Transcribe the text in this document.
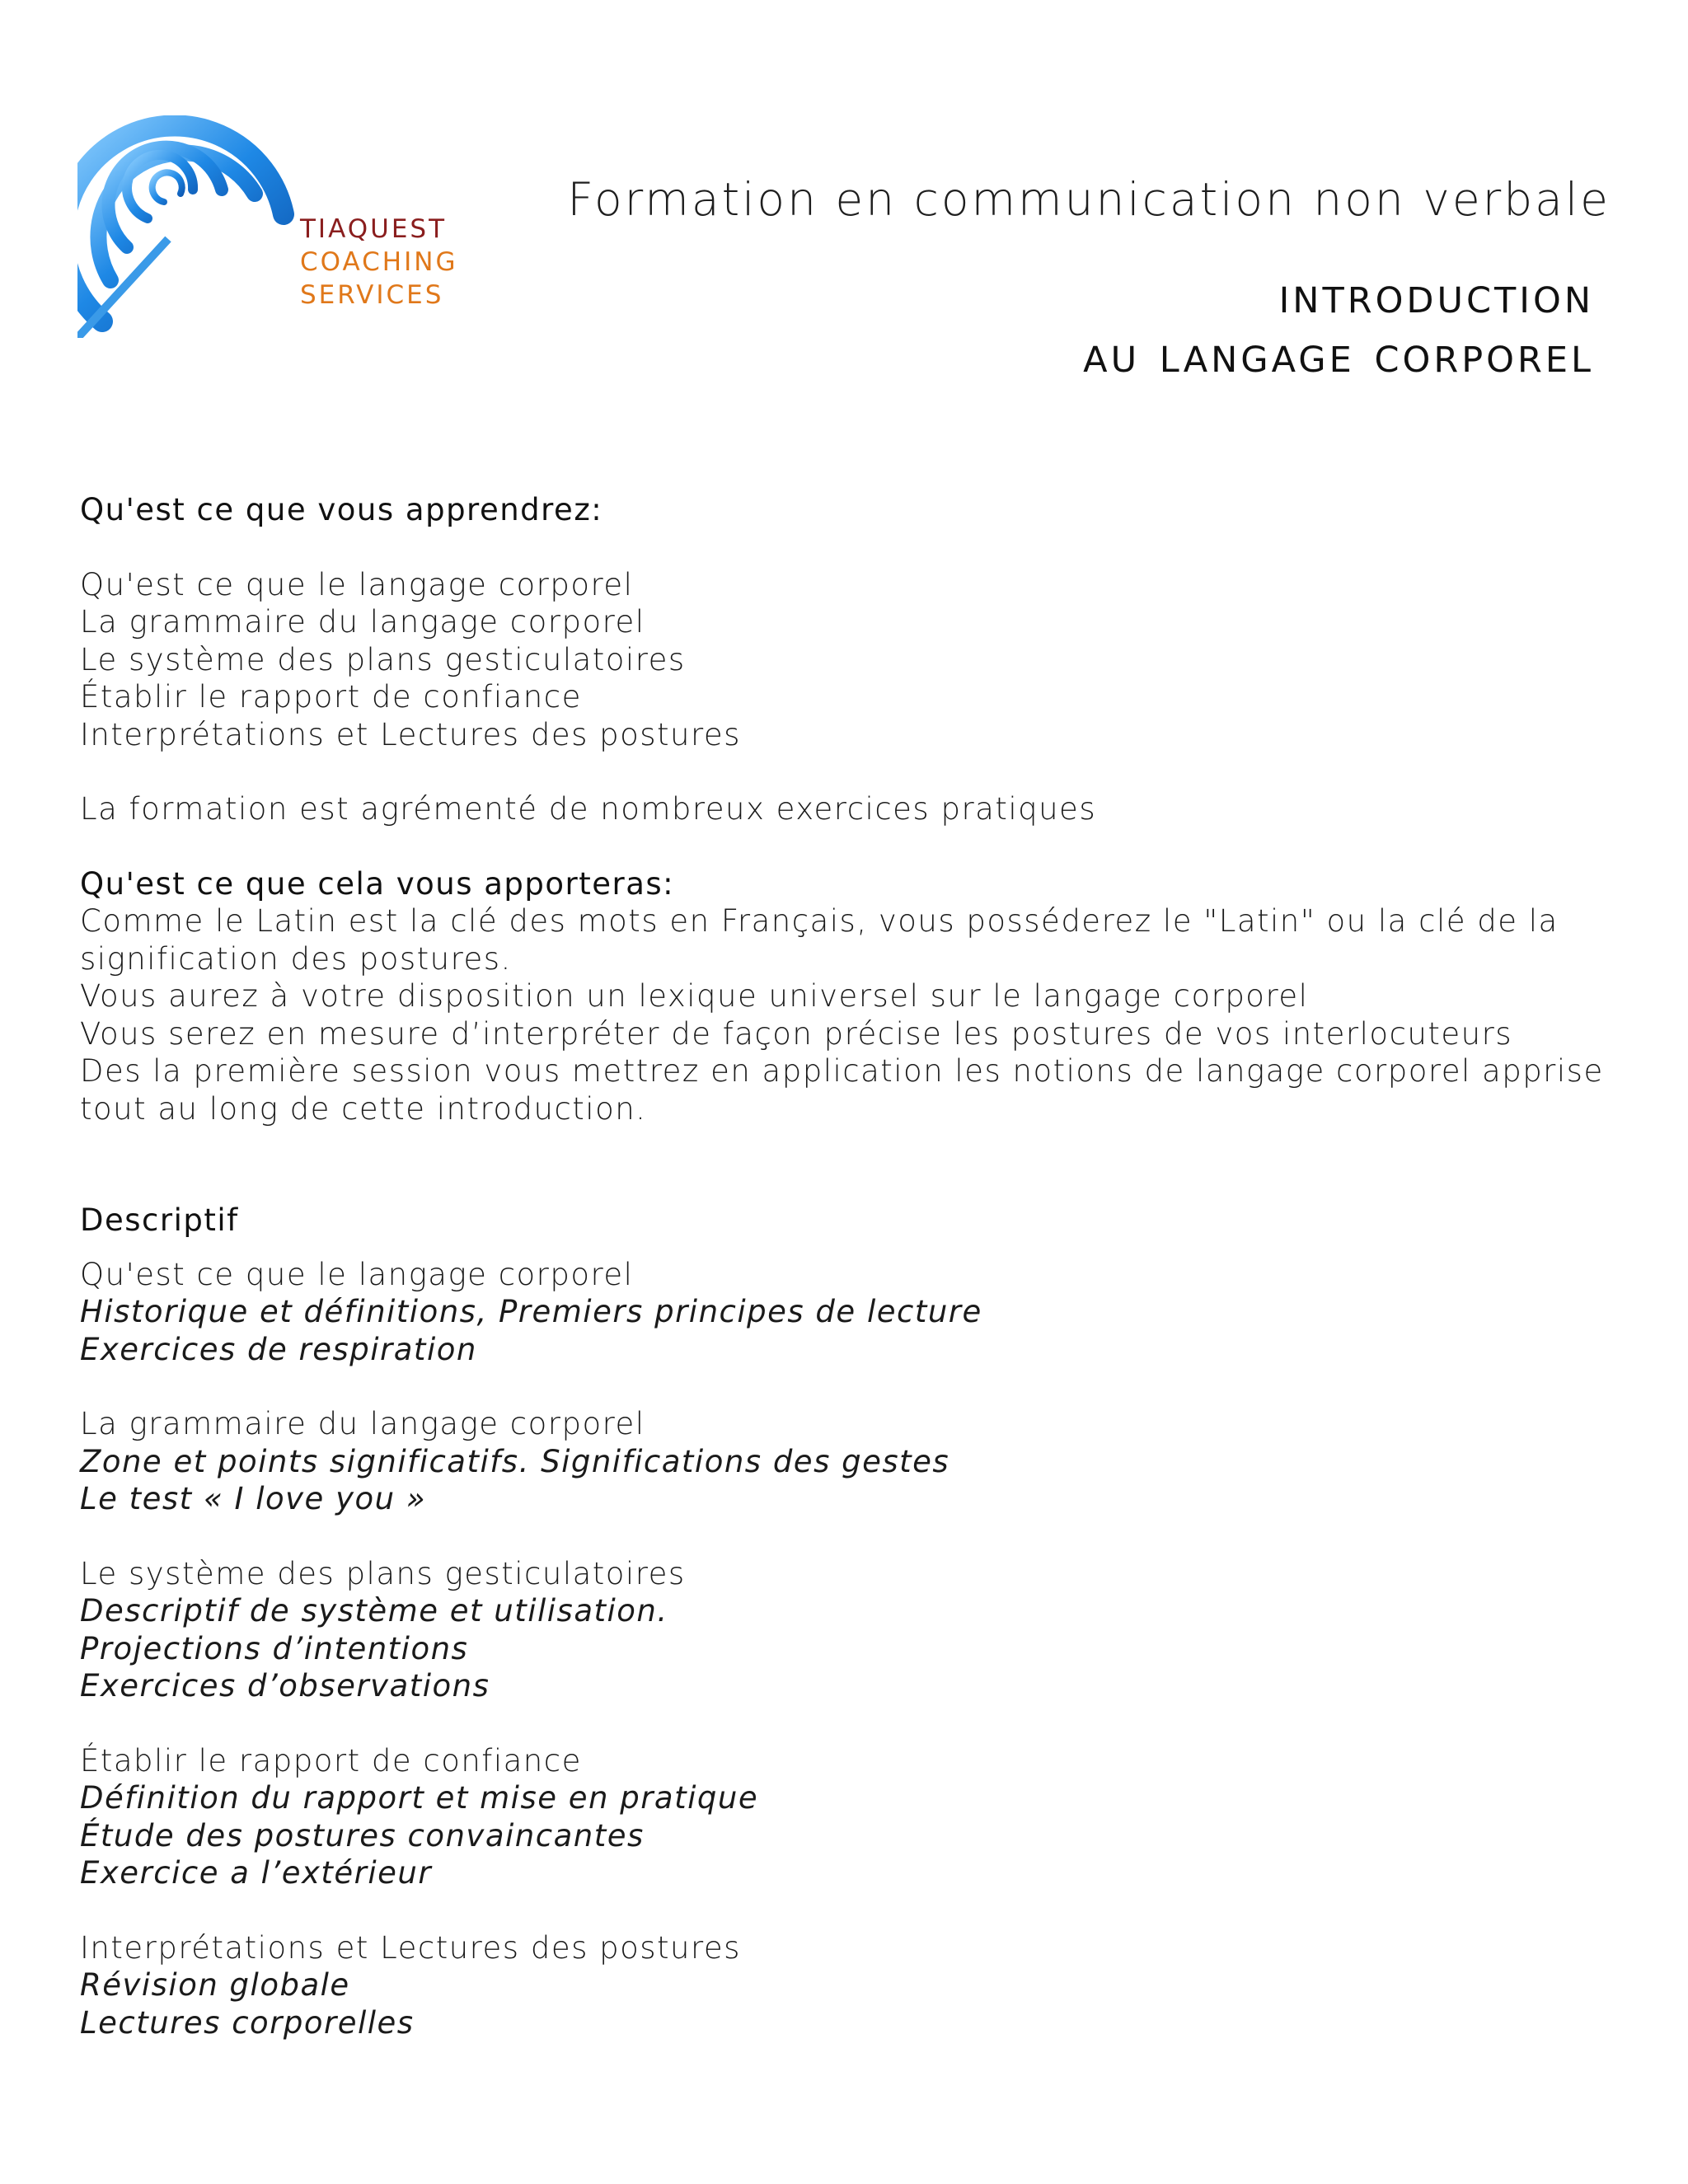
TIAQUEST
COACHING
SERVICES
Formation en communication non verbale
introduction
au langage corporel
Qu'est ce que vous apprendrez:
Qu'est ce que le langage corporel
La grammaire du langage corporel
Le système des plans gesticulatoires
Établir le rapport de confiance
Interprétations et Lectures des postures
La formation est agrémenté de nombreux exercices pratiques
Qu'est ce que cela vous apporteras:
Comme le Latin est la clé des mots en Français, vous posséderez le "Latin" ou la clé de la signification des postures.
Vous aurez à votre disposition un lexique universel sur le langage corporel
Vous serez en mesure d’interpréter de façon précise les postures de vos interlocuteurs
Des la première session vous mettrez en application les notions de langage corporel apprise tout au long de cette introduction.
Descriptif
Qu'est ce que le langage corporel
Historique et définitions, Premiers principes de lecture
Exercices de respiration
La grammaire du langage corporel
Zone et points significatifs. Significations des gestes
Le test « I love you »
Le système des plans gesticulatoires
Descriptif de système et utilisation.
Projections d’intentions
Exercices d’observations
Établir le rapport de confiance
Définition du rapport et mise en pratique
Étude des postures convaincantes
Exercice a l’extérieur
Interprétations et Lectures des postures
Révision globale
Lectures corporelles
